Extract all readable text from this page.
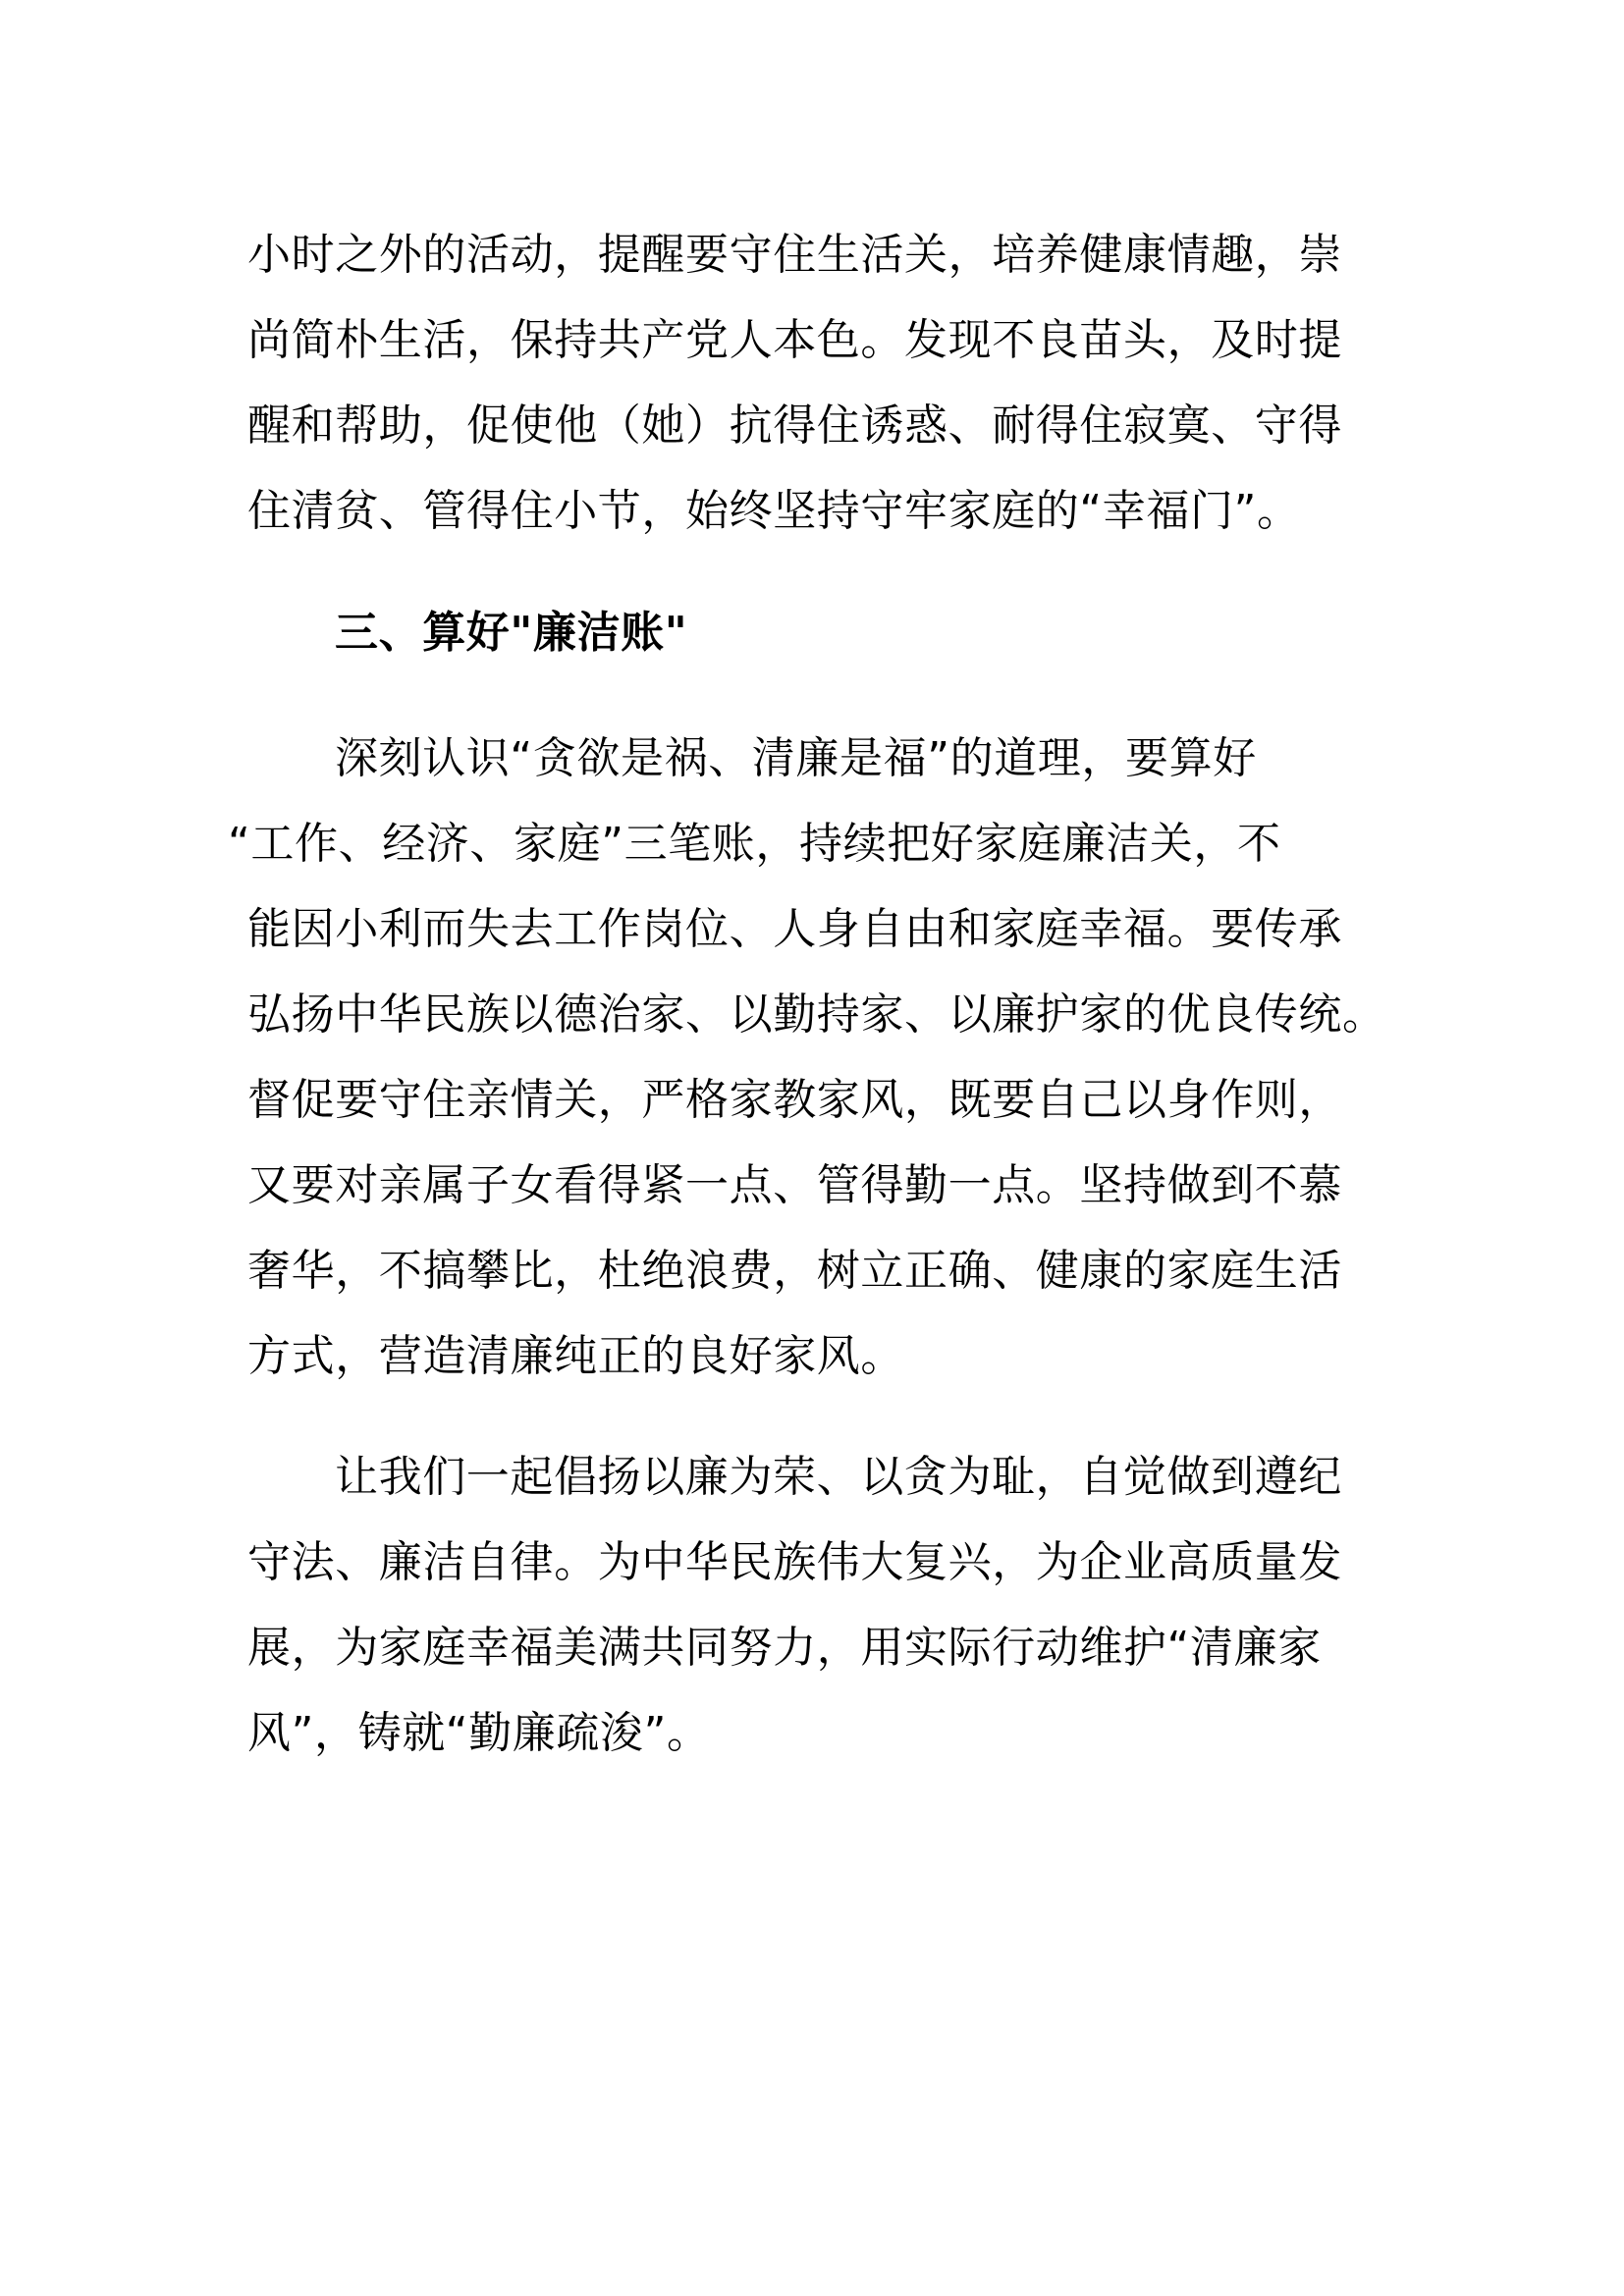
小时之外的活动，提醒要守住生活关，培养健康情趣，崇
尚简朴生活，保持共产党人本色。发现不良苗头，及时提
醒和帮助，促使他（她）抗得住诱惑、耐得住寂寞、守得
住清贫、管得住小节，始终坚持守牢家庭的“幸福门”。
三、算好"廉洁账"
深刻认识“贪欲是祸、清廉是福”的道理，要算好
“工作、经济、家庭”三笔账，持续把好家庭廉洁关，不
能因小利而失去工作岗位、人身自由和家庭幸福。要传承
弘扬中华民族以德治家、以勤持家、以廉护家的优良传统。
督促要守住亲情关，严格家教家风，既要自己以身作则，
又要对亲属子女看得紧一点、管得勤一点。坚持做到不慕
奢华，不搞攀比，杜绝浪费，树立正确、健康的家庭生活
方式，营造清廉纯正的良好家风。
让我们一起倡扬以廉为荣、以贪为耻，自觉做到遵纪
守法、廉洁自律。为中华民族伟大复兴，为企业高质量发
展，为家庭幸福美满共同努力，用实际行动维护“清廉家
风”，铸就“勤廉疏浚”。
